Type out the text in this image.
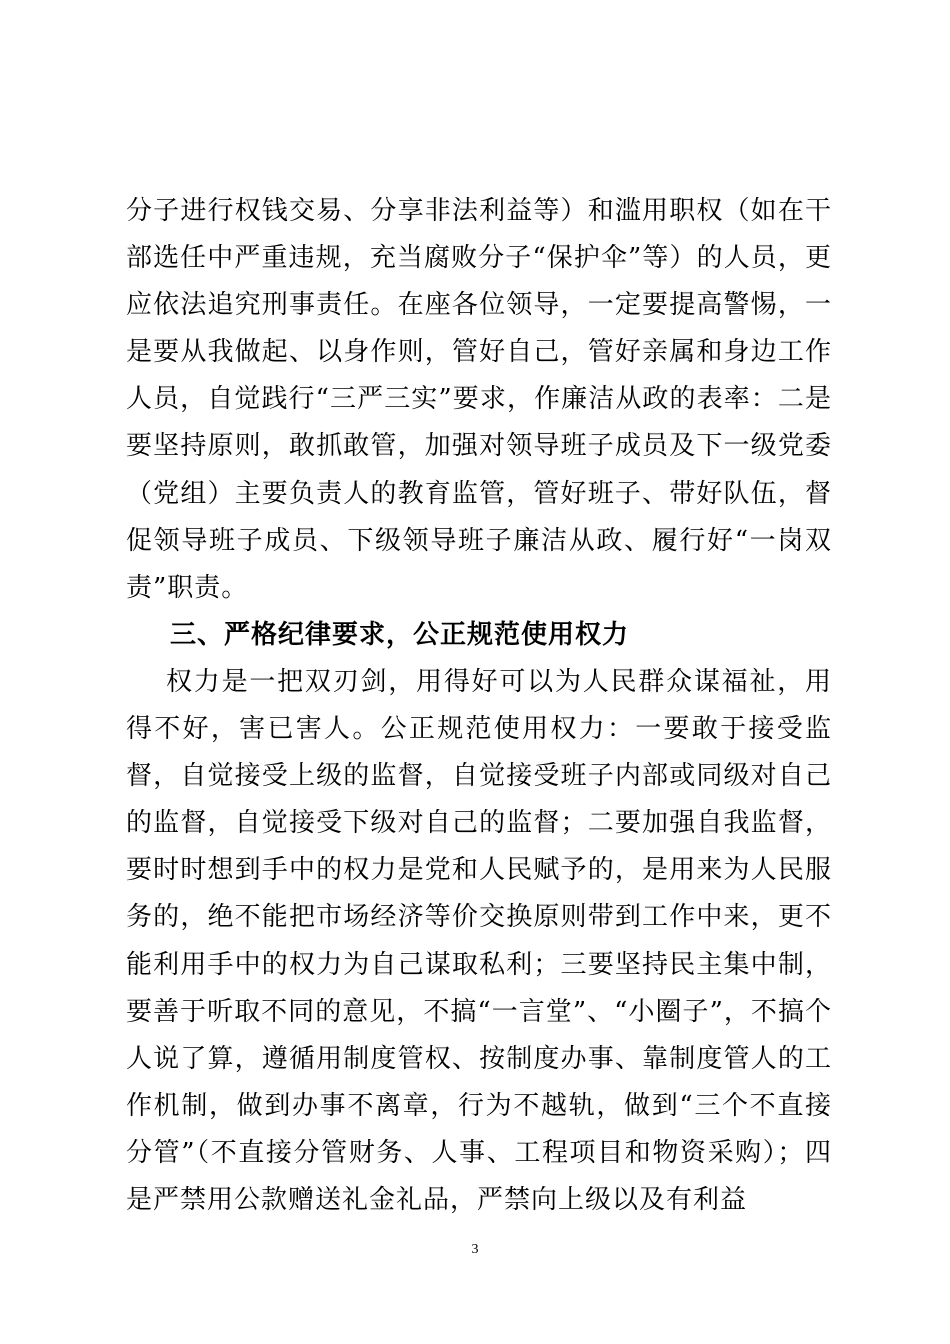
分子进行权钱交易、分享非法利益等）和滥用职权（如在干部选任中严重违规，充当腐败分子“保护伞”等）的人员，更应依法追究刑事责任。在座各位领导，一定要提高警惕，一是要从我做起、以身作则，管好自己，管好亲属和身边工作人员，自觉践行“三严三实”要求，作廉洁从政的表率：二是要坚持原则，敢抓敢管，加强对领导班子成员及下一级党委（党组）主要负责人的教育监管，管好班子、带好队伍，督促领导班子成员、下级领导班子廉洁从政、履行好“一岗双责”职责。

三、严格纪律要求，公正规范使用权力

权力是一把双刃剑，用得好可以为人民群众谋福祉，用得不好，害已害人。公正规范使用权力：一要敢于接受监督，自觉接受上级的监督，自觉接受班子内部或同级对自己的监督，自觉接受下级对自己的监督；二要加强自我监督，要时时想到手中的权力是党和人民赋予的，是用来为人民服务的，绝不能把市场经济等价交换原则带到工作中来，更不能利用手中的权力为自己谋取私利；三要坚持民主集中制，要善于听取不同的意见，不搞“一言堂”、“小圈子”，不搞个人说了算，遵循用制度管权、按制度办事、靠制度管人的工作机制，做到办事不离章，行为不越轨，做到“三个不直接分管”（不直接分管财务、人事、工程项目和物资采购）；四是严禁用公款赠送礼金礼品，严禁向上级以及有利益

3
